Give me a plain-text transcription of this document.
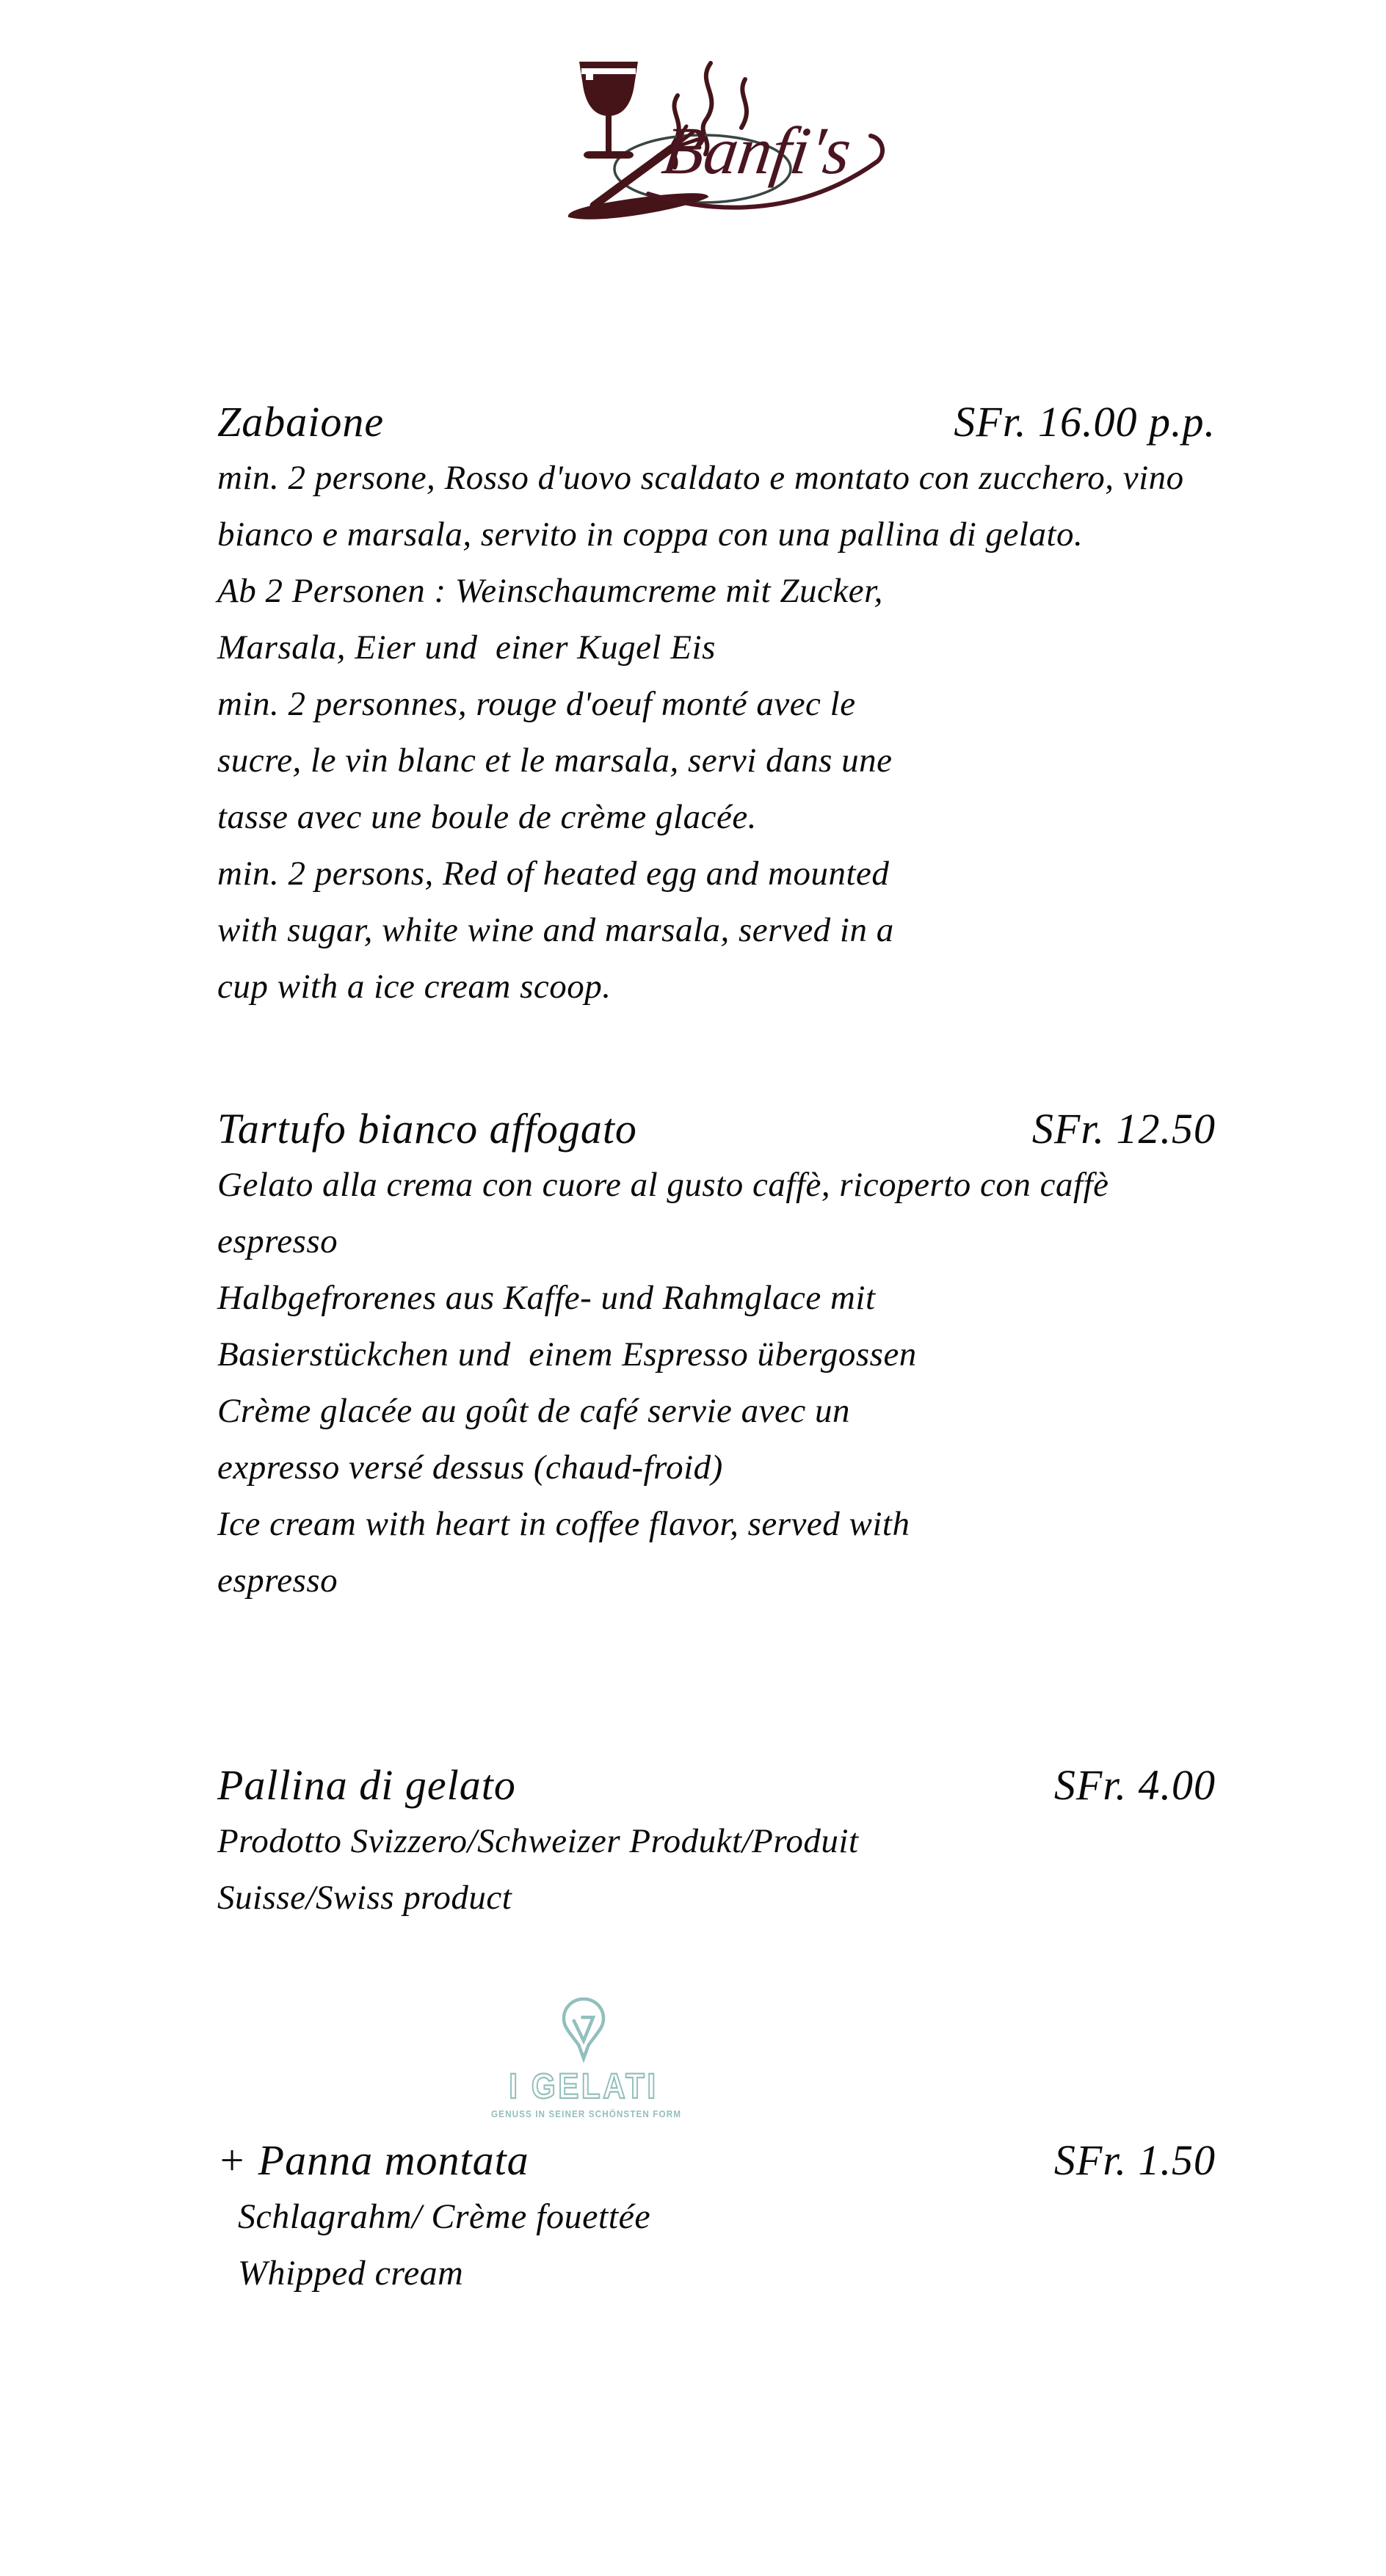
Banfi's
Zabaione	SFr. 16.00 p.p.
min. 2 persone, Rosso d'uovo scaldato e montato con zucchero, vino
bianco e marsala, servito in coppa con una pallina di gelato.
Ab 2 Personen : Weinschaumcreme mit Zucker,
Marsala, Eier und  einer Kugel Eis
min. 2 personnes, rouge d'oeuf monté avec le
sucre, le vin blanc et le marsala, servi dans une
tasse avec une boule de crème glacée.
min. 2 persons, Red of heated egg and mounted
with sugar, white wine and marsala, served in a
cup with a ice cream scoop.
Tartufo bianco affogato	SFr. 12.50
Gelato alla crema con cuore al gusto caffè, ricoperto con caffè
espresso
Halbgefrorenes aus Kaffe- und Rahmglace mit
Basierstückchen und  einem Espresso übergossen
Crème glacée au goût de café servie avec un
expresso versé dessus (chaud-froid)
Ice cream with heart in coffee flavor, served with
espresso
Pallina di gelato	SFr. 4.00
Prodotto Svizzero/Schweizer Produkt/Produit
Suisse/Swiss product
I GELATI
GENUSS IN SEINER SCHÖNSTEN FORM
+ Panna montata	SFr. 1.50
Schlagrahm/ Crème fouettée
Whipped cream
